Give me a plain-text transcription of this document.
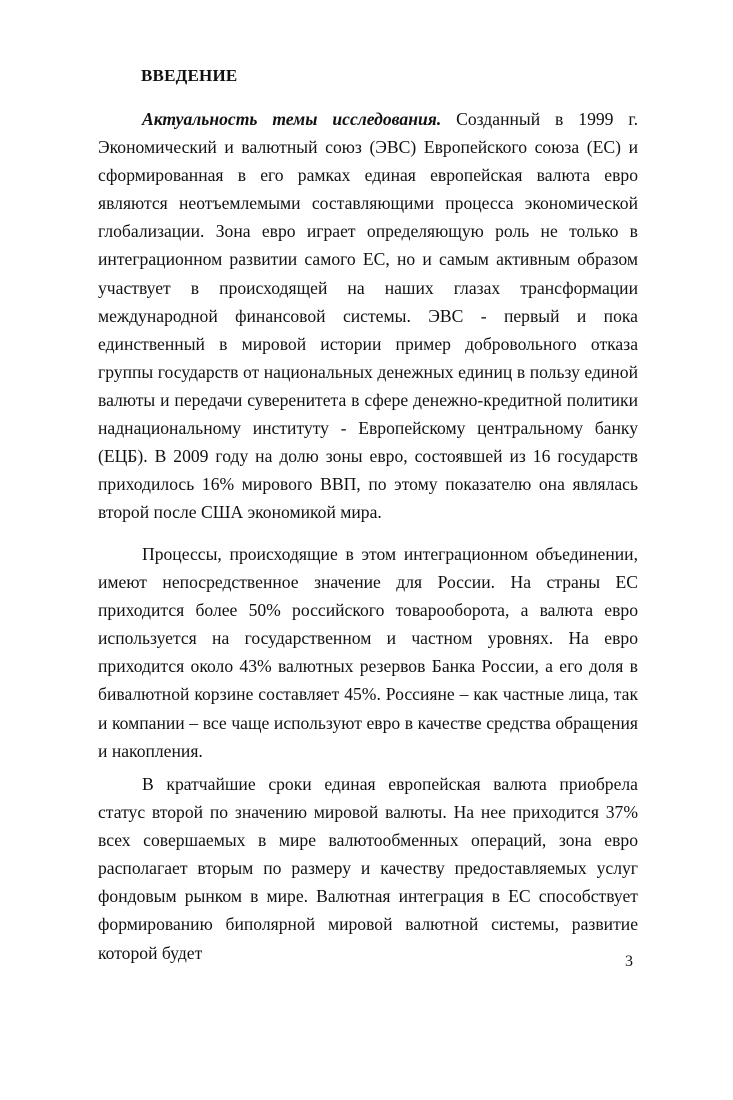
ВВЕДЕНИЕ

Актуальность темы исследования. Созданный в 1999 г. Экономический и валютный союз (ЭВС) Европейского союза (ЕС) и сформированная в его рамках единая европейская валюта евро являются неотъемлемыми составляющими процесса экономической глобализации. Зона евро играет определяющую роль не только в интеграционном развитии самого ЕС, но и самым активным образом участвует в происходящей на наших глазах трансформации международной финансовой системы. ЭВС - первый и пока единственный в мировой истории пример добровольного отказа группы государств от национальных денежных единиц в пользу единой валюты и передачи суверенитета в сфере денежно-кредитной политики наднациональному институту - Европейскому центральному банку (ЕЦБ). В 2009 году на долю зоны евро, состоявшей из 16 государств приходилось 16% мирового ВВП, по этому показателю она являлась второй после США экономикой мира.

Процессы, происходящие в этом интеграционном объединении, имеют непосредственное значение для России. На страны ЕС приходится более 50% российского товарооборота, а валюта евро используется на государственном и частном уровнях. На евро приходится около 43% валютных резервов Банка России, а его доля в бивалютной корзине составляет 45%. Россияне – как частные лица, так и компании – все чаще используют евро в качестве средства обращения и накопления.

В кратчайшие сроки единая европейская валюта приобрела статус второй по значению мировой валюты. На нее приходится 37% всех совершаемых в мире валютообменных операций, зона евро располагает вторым по размеру и качеству предоставляемых услуг фондовым рынком в мире. Валютная интеграция в ЕС способствует формированию биполярной мировой валютной системы, развитие которой будет	3
